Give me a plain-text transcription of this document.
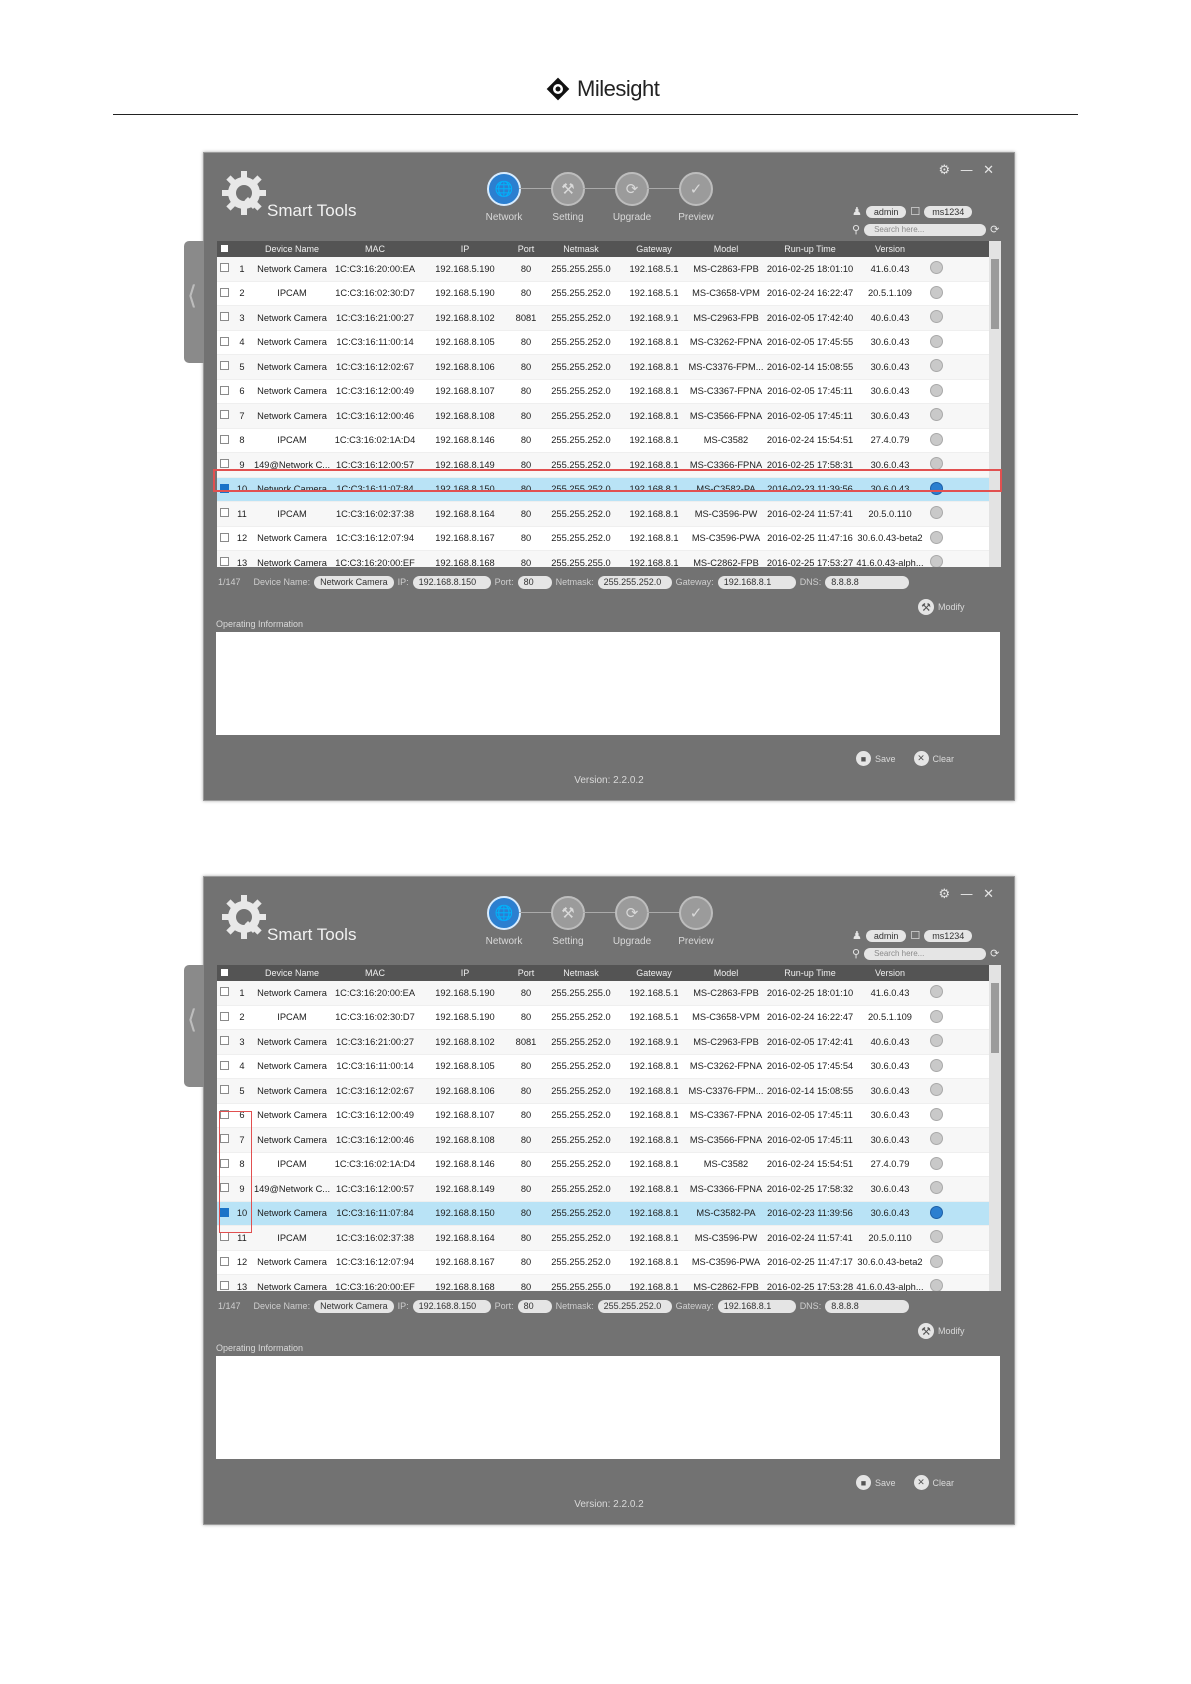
Milesight
⟨
Smart Tools
⚙ — ✕
🌐
Network
⚒
Setting
⟳
Upgrade
✓
Preview	♟	admin	☐	ms1234
⚲	Search here...	⟳
Device Name	MAC	IP	Port	Netmask	Gateway	Model	Run-up Time	Version
1	Network Camera 1C:C3:16:20:00:EA	192.168.5.190	80	255.255.255.0	192.168.5.1	MS-C2863-FPB 2016-02-25 18:01:10	41.6.0.43
2	IPCAM	1C:C3:16:02:30:D7	192.168.5.190	80	255.255.252.0	192.168.5.1	MS-C3658-VPM 2016-02-24 16:22:47	20.5.1.109
3	Network Camera 1C:C3:16:21:00:27	192.168.8.102	8081	255.255.252.0	192.168.9.1	MS-C2963-FPB 2016-02-05 17:42:40	40.6.0.43
4	Network Camera	1C:C3:16:11:00:14	192.168.8.105	80	255.255.252.0	192.168.8.1	MS-C3262-FPNA 2016-02-05 17:45:55	30.6.0.43
5	Network Camera 1C:C3:16:12:02:67	192.168.8.106	80	255.255.252.0	192.168.8.1	MS-C3376-FPM... 2016-02-14 15:08:55	30.6.0.43
6	Network Camera 1C:C3:16:12:00:49	192.168.8.107	80	255.255.252.0	192.168.8.1	MS-C3367-FPNA 2016-02-05 17:45:11	30.6.0.43
7	Network Camera 1C:C3:16:12:00:46	192.168.8.108	80	255.255.252.0	192.168.8.1	MS-C3566-FPNA 2016-02-05 17:45:11	30.6.0.43
8	IPCAM	1C:C3:16:02:1A:D4	192.168.8.146	80	255.255.252.0	192.168.8.1	MS-C3582	2016-02-24 15:54:51	27.4.0.79
9	149@Network C... 1C:C3:16:12:00:57	192.168.8.149	80	255.255.252.0	192.168.8.1	MS-C3366-FPNA 2016-02-25 17:58:31	30.6.0.43
10	Network Camera	1C:C3:16:11:07:84	192.168.8.150	80	255.255.252.0	192.168.8.1	MS-C3582-PA	2016-02-23 11:39:56	30.6.0.43
11	IPCAM	1C:C3:16:02:37:38	192.168.8.164	80	255.255.252.0	192.168.8.1	MS-C3596-PW	2016-02-24 11:57:41	20.5.0.110
12	Network Camera 1C:C3:16:12:07:94	192.168.8.167	80	255.255.252.0	192.168.8.1	MS-C3596-PWA 2016-02-25 11:47:16 30.6.0.43-beta2
13	Network Camera 1C:C3:16:20:00:EF	192.168.8.168	80	255.255.255.0	192.168.8.1	MS-C2862-FPB 2016-02-25 17:53:27 41.6.0.43-alph...
1/147
Device Name:	Network Camera	IP:	192.168.8.150	Port:	80	Netmask:	255.255.252.0	Gateway:	192.168.8.1	DNS:	8.8.8.8
⚒ Modify
Operating Information
■ Save	✕ Clear
Version: 2.2.0.2
⟨
Smart Tools
⚙ — ✕
🌐
Network
⚒
Setting
⟳
Upgrade
✓
Preview	♟	admin	☐	ms1234
⚲	Search here...	⟳
Device Name	MAC	IP	Port	Netmask	Gateway	Model	Run-up Time	Version
1	Network Camera 1C:C3:16:20:00:EA	192.168.5.190	80	255.255.255.0	192.168.5.1	MS-C2863-FPB 2016-02-25 18:01:10	41.6.0.43
2	IPCAM	1C:C3:16:02:30:D7	192.168.5.190	80	255.255.252.0	192.168.5.1	MS-C3658-VPM 2016-02-24 16:22:47	20.5.1.109
3	Network Camera 1C:C3:16:21:00:27	192.168.8.102	8081	255.255.252.0	192.168.9.1	MS-C2963-FPB 2016-02-05 17:42:41	40.6.0.43
4	Network Camera	1C:C3:16:11:00:14	192.168.8.105	80	255.255.252.0	192.168.8.1	MS-C3262-FPNA 2016-02-05 17:45:54	30.6.0.43
5	Network Camera 1C:C3:16:12:02:67	192.168.8.106	80	255.255.252.0	192.168.8.1	MS-C3376-FPM... 2016-02-14 15:08:55	30.6.0.43
6	Network Camera 1C:C3:16:12:00:49	192.168.8.107	80	255.255.252.0	192.168.8.1	MS-C3367-FPNA 2016-02-05 17:45:11	30.6.0.43
7	Network Camera 1C:C3:16:12:00:46	192.168.8.108	80	255.255.252.0	192.168.8.1	MS-C3566-FPNA 2016-02-05 17:45:11	30.6.0.43
8	IPCAM	1C:C3:16:02:1A:D4	192.168.8.146	80	255.255.252.0	192.168.8.1	MS-C3582	2016-02-24 15:54:51	27.4.0.79
9	149@Network C... 1C:C3:16:12:00:57	192.168.8.149	80	255.255.252.0	192.168.8.1	MS-C3366-FPNA 2016-02-25 17:58:32	30.6.0.43
10	Network Camera	1C:C3:16:11:07:84	192.168.8.150	80	255.255.252.0	192.168.8.1	MS-C3582-PA	2016-02-23 11:39:56	30.6.0.43
11	IPCAM	1C:C3:16:02:37:38	192.168.8.164	80	255.255.252.0	192.168.8.1	MS-C3596-PW	2016-02-24 11:57:41	20.5.0.110
12	Network Camera 1C:C3:16:12:07:94	192.168.8.167	80	255.255.252.0	192.168.8.1	MS-C3596-PWA 2016-02-25 11:47:17 30.6.0.43-beta2
13	Network Camera 1C:C3:16:20:00:EF	192.168.8.168	80	255.255.255.0	192.168.8.1	MS-C2862-FPB 2016-02-25 17:53:28 41.6.0.43-alph...
1/147
Device Name:	Network Camera	IP:	192.168.8.150	Port:	80	Netmask:	255.255.252.0	Gateway:	192.168.8.1	DNS:	8.8.8.8
⚒ Modify
Operating Information
■ Save	✕ Clear
Version: 2.2.0.2
